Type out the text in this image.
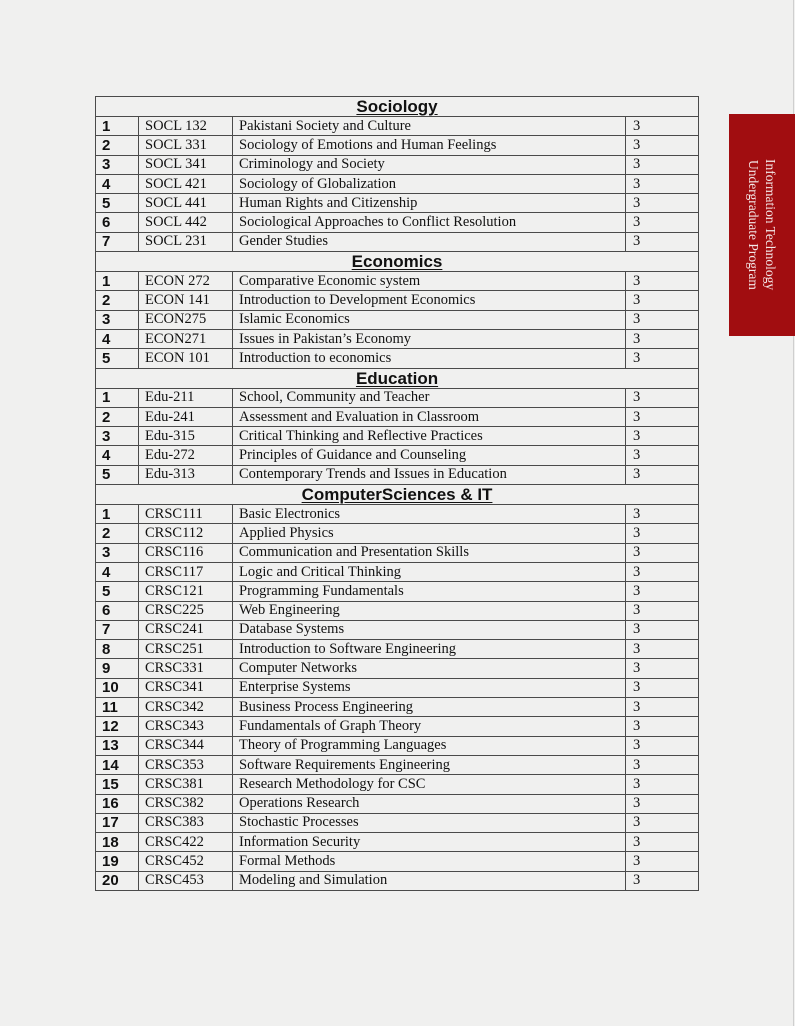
Information Technology
Undergraduate Program
Sociology			
1	SOCL 132	Pakistani Society and Culture	3
2	SOCL 331	Sociology of Emotions and Human Feelings	3
3	SOCL 341	Criminology and Society	3
4	SOCL 421	Sociology of Globalization	3
5	SOCL 441	Human Rights and Citizenship	3
6	SOCL 442	Sociological Approaches to Conflict Resolution	3
7	SOCL 231	Gender Studies	3
Economics			
1	ECON 272	Comparative Economic system	3
2	ECON 141	Introduction to Development Economics	3
3	ECON275	Islamic Economics	3
4	ECON271	Issues in Pakistan’s Economy	3
5	ECON 101	Introduction to economics	3
Education			
1	Edu-211	School, Community and Teacher	3
2	Edu-241	Assessment and Evaluation in Classroom	3
3	Edu-315	Critical Thinking and Reflective Practices	3
4	Edu-272	Principles of Guidance and Counseling	3
5	Edu-313	Contemporary Trends and Issues in Education	3
ComputerSciences & IT			
1	CRSC111	Basic Electronics	3
2	CRSC112	Applied Physics	3
3	CRSC116	Communication and Presentation Skills	3
4	CRSC117	Logic and Critical Thinking	3
5	CRSC121	Programming Fundamentals	3
6	CRSC225	Web Engineering	3
7	CRSC241	Database Systems	3
8	CRSC251	Introduction to Software Engineering	3
9	CRSC331	Computer Networks	3
10	CRSC341	Enterprise Systems	3
11	CRSC342	Business Process Engineering	3
12	CRSC343	Fundamentals of Graph Theory	3
13	CRSC344	Theory of Programming Languages	3
14	CRSC353	Software Requirements Engineering	3
15	CRSC381	Research Methodology for CSC	3
16	CRSC382	Operations Research	3
17	CRSC383	Stochastic Processes	3
18	CRSC422	Information Security	3
19	CRSC452	Formal Methods	3
20	CRSC453	Modeling and Simulation	3
